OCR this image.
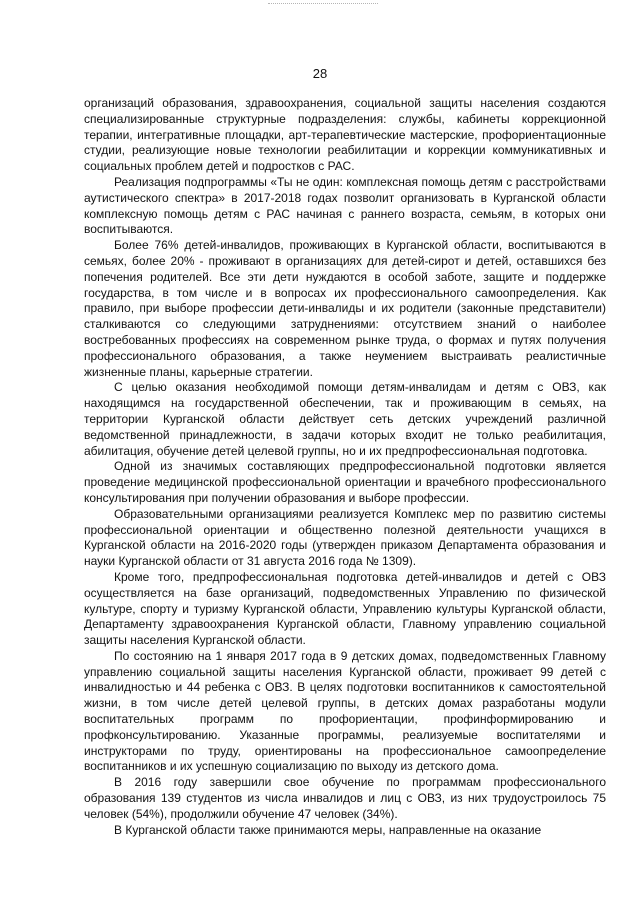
28

организаций образования, здравоохранения, социальной защиты населения создаются специализированные структурные подразделения: службы, кабинеты коррекционной терапии, интегративные площадки, арт-терапевтические мастерские, профориентационные студии, реализующие новые технологии реабилитации и коррекции коммуникативных и социальных проблем детей и подростков с РАС.

Реализация подпрограммы «Ты не один: комплексная помощь детям с расстройствами аутистического спектра» в 2017-2018 годах позволит организовать в Курганской области комплексную помощь детям с РАС начиная с раннего возраста, семьям, в которых они воспитываются.

Более 76% детей-инвалидов, проживающих в Курганской области, воспитываются в семьях, более 20% - проживают в организациях для детей-сирот и детей, оставшихся без попечения родителей. Все эти дети нуждаются в особой заботе, защите и поддержке государства, в том числе и в вопросах их профессионального самоопределения. Как правило, при выборе профессии дети-инвалиды и их родители (законные представители) сталкиваются со следующими затруднениями: отсутствием знаний о наиболее востребованных профессиях на современном рынке труда, о формах и путях получения профессионального образования, а также неумением выстраивать реалистичные жизненные планы, карьерные стратегии.

С целью оказания необходимой помощи детям-инвалидам и детям с ОВЗ, как находящимся на государственной обеспечении, так и проживающим в семьях, на территории Курганской области действует сеть детских учреждений различной ведомственной принадлежности, в задачи которых входит не только реабилитация, абилитация, обучение детей целевой группы, но и их предпрофессиональная подготовка.

Одной из значимых составляющих предпрофессиональной подготовки является проведение медицинской профессиональной ориентации и врачебного профессионального консультирования при получении образования и выборе профессии.

Образовательными организациями реализуется Комплекс мер по развитию системы профессиональной ориентации и общественно полезной деятельности учащихся в Курганской области на 2016-2020 годы (утвержден приказом Департамента образования и науки Курганской области от 31 августа 2016 года № 1309).

Кроме того, предпрофессиональная подготовка детей-инвалидов и детей с ОВЗ осуществляется на базе организаций, подведомственных Управлению по физической культуре, спорту и туризму Курганской области, Управлению культуры Курганской области, Департаменту здравоохранения Курганской области, Главному управлению социальной защиты населения Курганской области.

По состоянию на 1 января 2017 года в 9 детских домах, подведомственных Главному управлению социальной защиты населения Курганской области, проживает 99 детей с инвалидностью и 44 ребенка с ОВЗ. В целях подготовки воспитанников к самостоятельной жизни, в том числе детей целевой группы, в детских домах разработаны модули воспитательных программ по профориентации, профинформированию и профконсультированию. Указанные программы, реализуемые воспитателями и инструкторами по труду, ориентированы на профессиональное самоопределение воспитанников и их успешную социализацию по выходу из детского дома.

В 2016 году завершили свое обучение по программам профессионального образования 139 студентов из числа инвалидов и лиц с ОВЗ, из них трудоустроилось 75 человек (54%), продолжили обучение 47 человек (34%).

В Курганской области также принимаются меры, направленные на оказание
